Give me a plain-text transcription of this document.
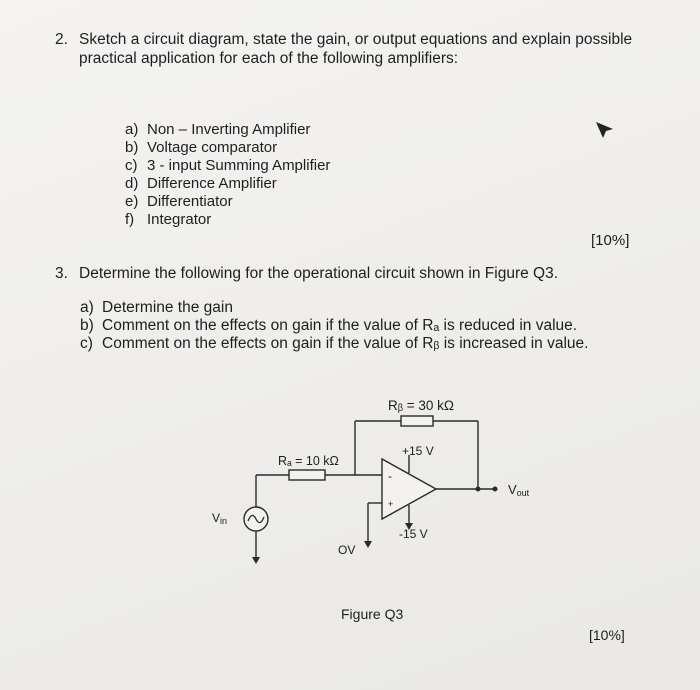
2. Sketch a circuit diagram, state the gain, or output equations and explain possible
practical application for each of the following amplifiers:
a) Non – Inverting Amplifier
b) Voltage comparator
c) 3 - input Summing Amplifier
d) Difference Amplifier
e) Differentiator
f) Integrator
[10%]
3. Determine the following for the operational circuit shown in Figure Q3.
a) Determine the gain
b) Comment on the effects on gain if the value of Rₐ is reduced in value.
c) Comment on the effects on gain if the value of Rᵦ is increased in value.
Rᵦ = 30 kΩ
Rₐ = 10 kΩ
+15 V
-15 V
-
+
Vin
Vout
OV
Figure Q3
[10%]
